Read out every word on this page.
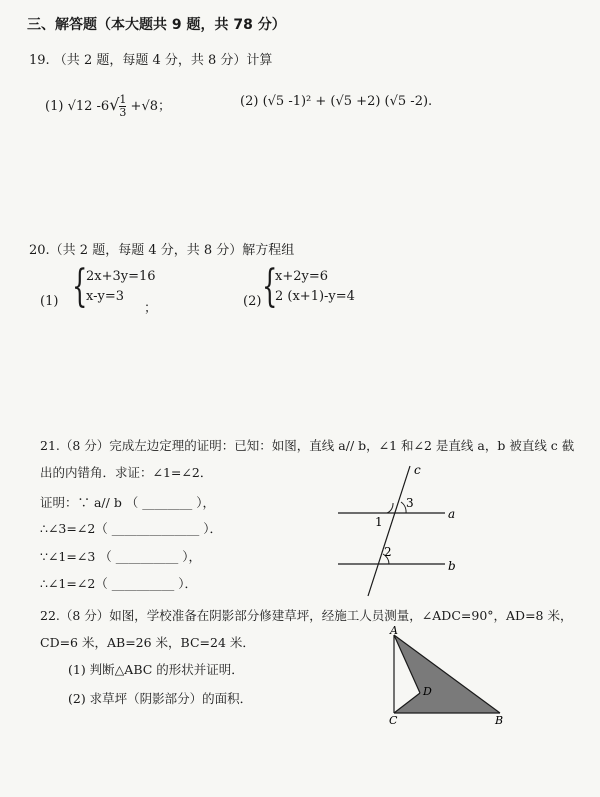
三、解答题（本大题共 9 题，共 78 分）
19. （共 2 题，每题 4 分，共 8 分）计算
(1) √12 $-6√ \frac{1}{3} +√8$；	(2) (√5 -1)² + (√5 +2) (√5 -2).
20.（共 2 题，每题 4 分，共 8 分）解方程组
(1) {
2x+3y=16
x-y=3
；	(2) {
x+2y=6
2 (x+1)-y=4
21.（8 分）完成左边定理的证明：已知：如图，直线 a// b，∠1 和∠2 是直线 a，b 被直线 c 截
出的内错角．求证：∠1=∠2．
证明：∵ a// b （ ________ ），
∴∠3=∠2（ ______________ ）．
∵∠1=∠3 （ __________ ），
∴∠1=∠2（ __________ ）．
c
a
b
1
3
2
22.（8 分）如图，学校准备在阴影部分修建草坪，经施工人员测量，∠ADC=90°，AD=8 米，
CD=6 米，AB=26 米，BC=24 米．
(1) 判断△ABC 的形状并证明．
(2) 求草坪（阴影部分）的面积．
A
B
C
D
